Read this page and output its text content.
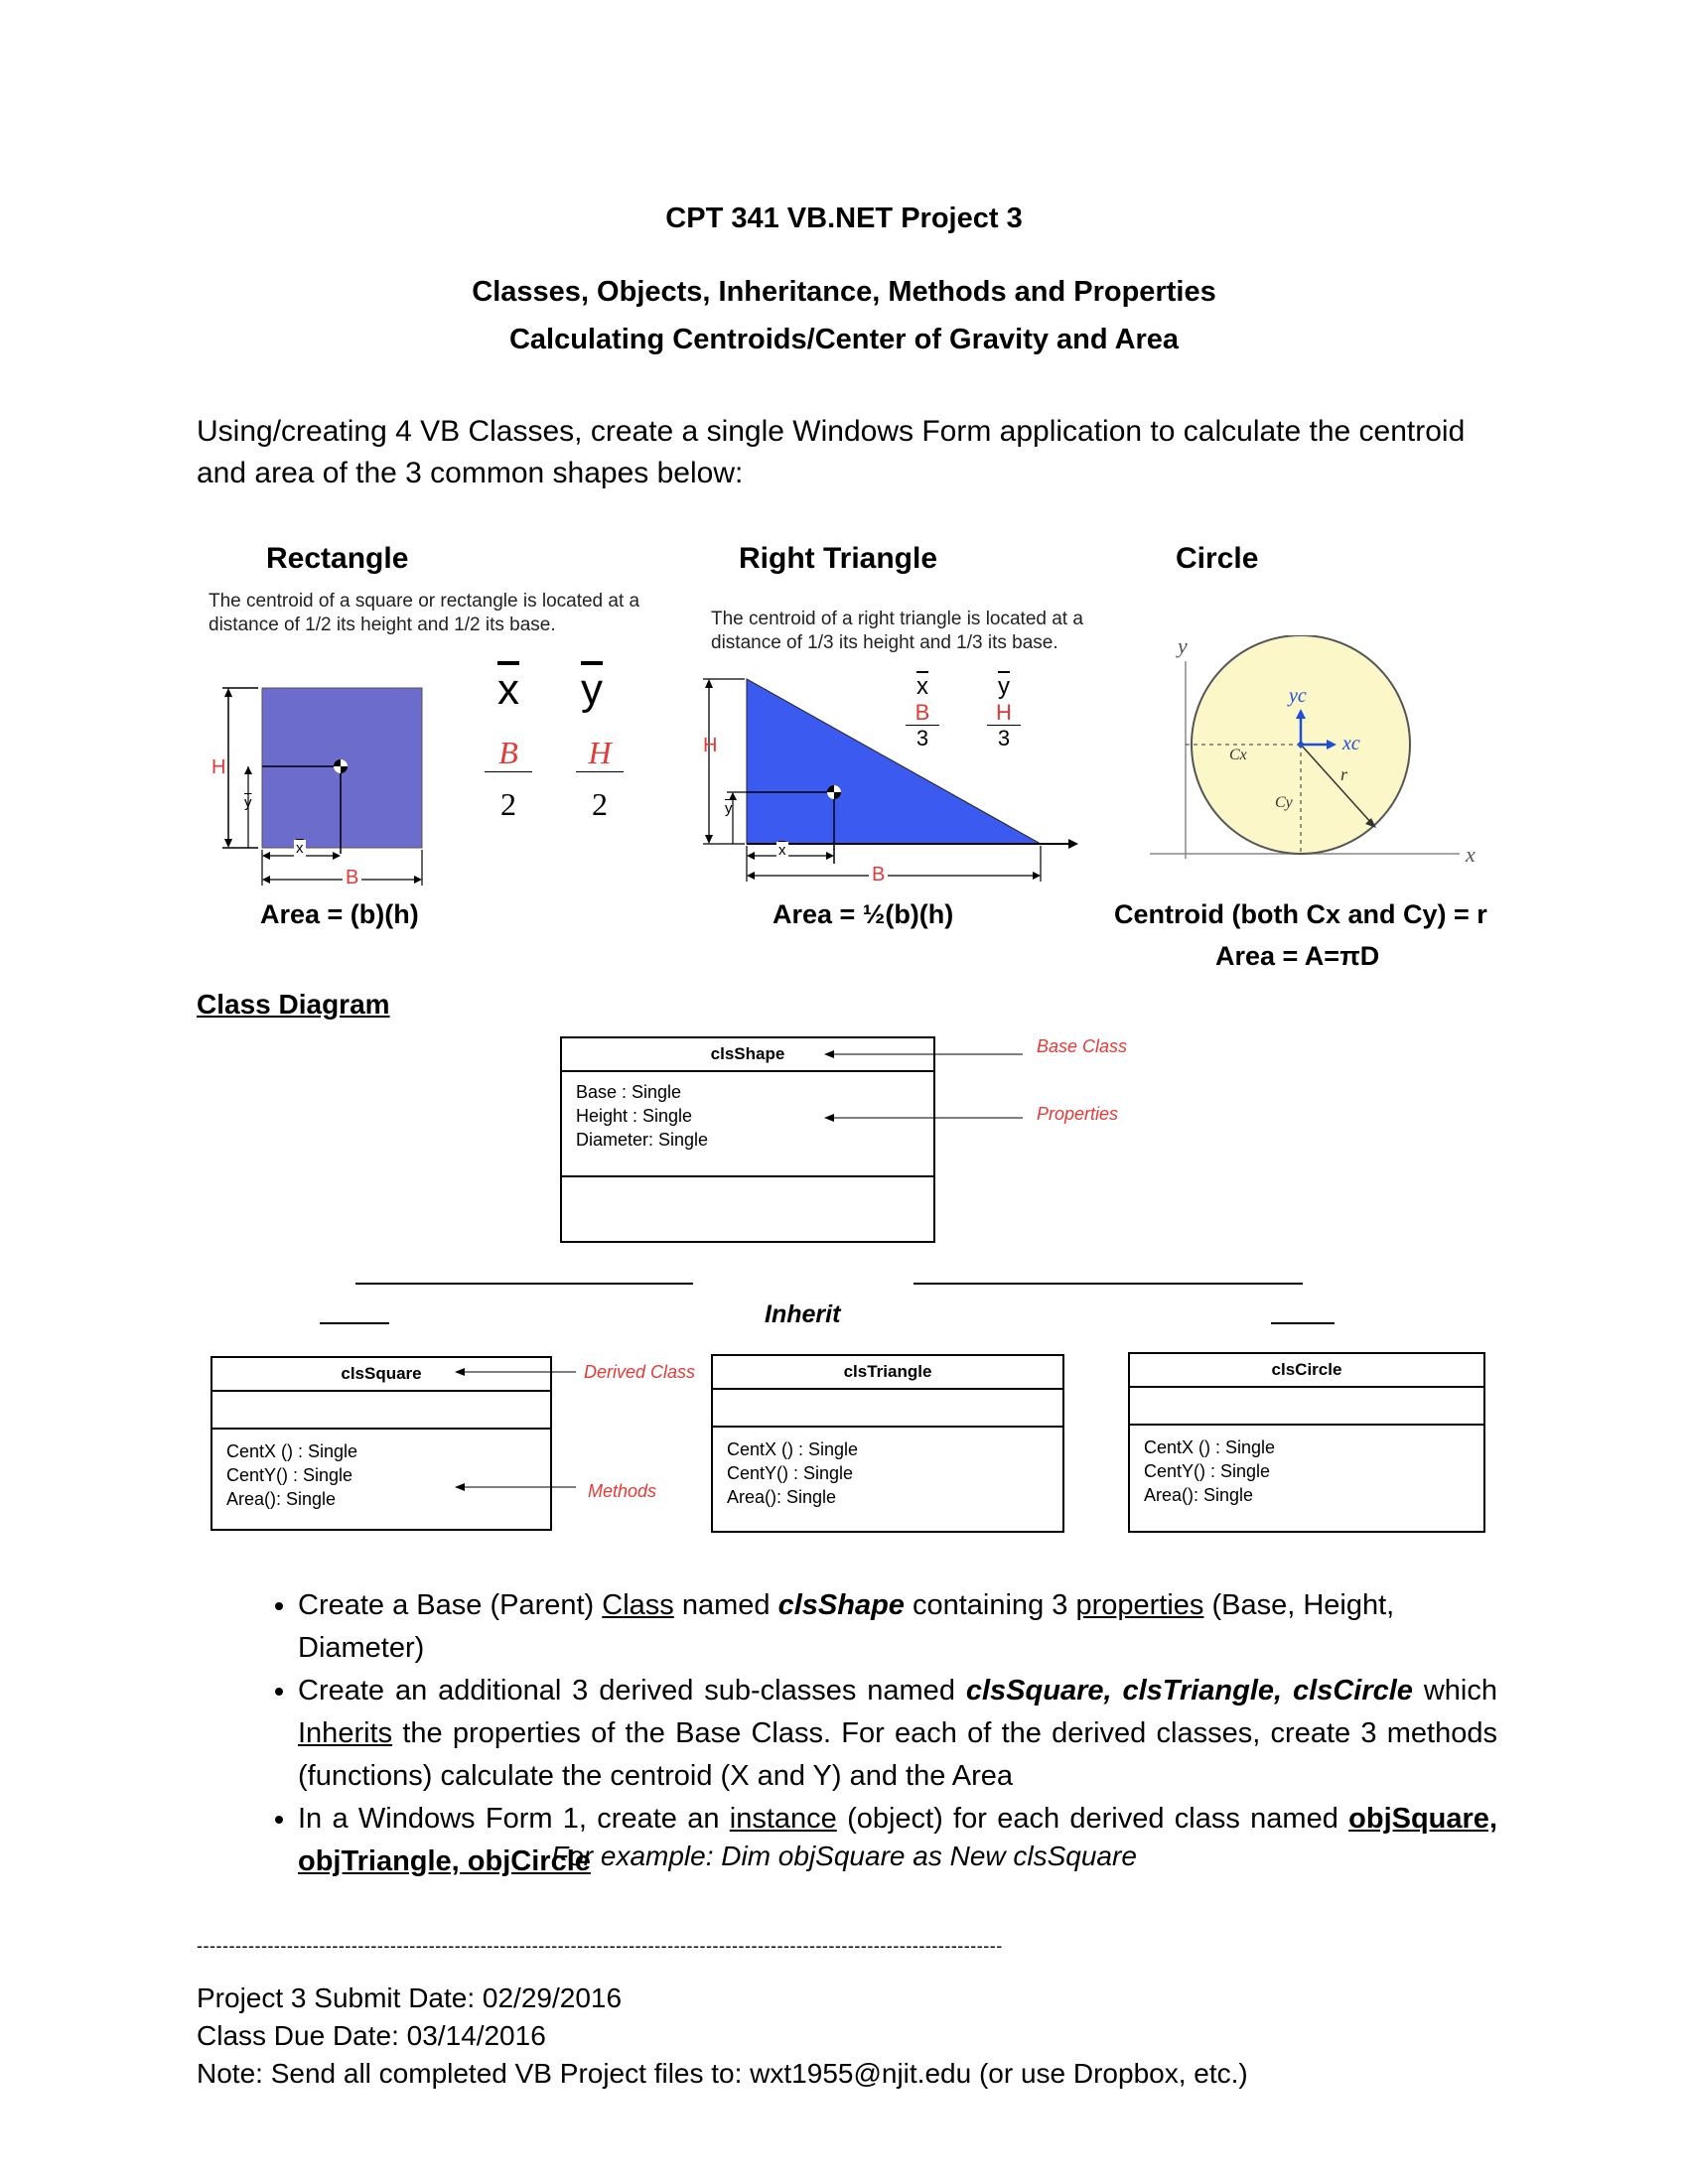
CPT 341 VB.NET Project 3
Classes, Objects, Inheritance, Methods and Properties
Calculating Centroids/Center of Gravity and Area
Using/creating 4 VB Classes, create a single Windows Form application to calculate the centroid and area of the 3 common shapes below:
Rectangle	Right Triangle	Circle
The centroid of a square or rectangle is located at a distance of 1/2 its height and 1/2 its base.
H
$\overline{y}$
$\overline{x}$
B
$\overline{x}$ $\overline{y}$
B
2
H
2
Area = (b)(h)
The centroid of a right triangle is located at a distance of 1/3 its height and 1/3 its base.
H
$\overline{y}$
$\overline{x}$
B
$\overline{x}$
B
3
$\overline{y}$
H
3
Area = ½(b)(h)
y
x
yc
xc
Cx
Cy
r
Centroid (both Cx and Cy) = r
Area = A=πD
Class Diagram
clsShape
Base : Single
Height : Single
Diameter: Single
Base Class
Properties
Inherit
clsSquare
CentX () : Single
CentY() : Single
Area(): Single
clsTriangle
CentX () : Single
CentY() : Single
Area(): Single
clsCircle
CentX () : Single
CentY() : Single
Area(): Single
Derived Class
Methods
• Create a Base (Parent) Class named clsShape containing 3 properties (Base, Height, Diameter)
• Create an additional 3 derived sub-classes named clsSquare, clsTriangle, clsCircle which Inherits the properties of the Base Class. For each of the derived classes, create 3 methods (functions) calculate the centroid (X and Y) and the Area
• In a Windows Form 1, create an instance (object) for each derived class named objSquare, objTriangle, objCircle
For example: Dim objSquare as New clsSquare
-----------------------------------------------------------------------------------------------------------------------------
Project 3 Submit Date: 02/29/2016
Class Due Date: 03/14/2016
Note: Send all completed VB Project files to: wxt1955@njit.edu (or use Dropbox, etc.)
